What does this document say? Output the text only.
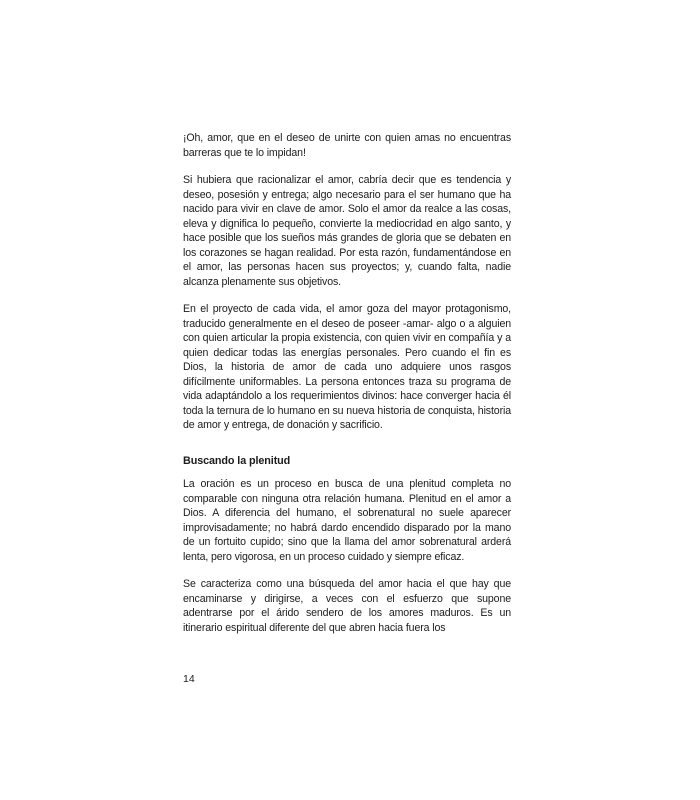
¡Oh, amor, que en el deseo de unirte con quien amas no encuentras barreras que te lo impidan!

Si hubiera que racionalizar el amor, cabría decir que es tendencia y deseo, posesión y entrega; algo necesario para el ser humano que ha nacido para vivir en clave de amor. Solo el amor da realce a las cosas, eleva y dignifica lo pequeño, convierte la mediocridad en algo santo, y hace posible que los sueños más grandes de gloria que se debaten en los corazones se hagan realidad. Por esta razón, fundamentándose en el amor, las personas hacen sus proyectos; y, cuando falta, nadie alcanza plenamente sus objetivos.

En el proyecto de cada vida, el amor goza del mayor protagonismo, traducido generalmente en el deseo de poseer -amar- algo o a alguien con quien articular la propia existencia, con quien vivir en compañía y a quien dedicar todas las energías personales. Pero cuando el fin es Dios, la historia de amor de cada uno adquiere unos rasgos difícilmente uniformables. La persona entonces traza su programa de vida adaptándolo a los requerimientos divinos: hace converger hacia él toda la ternura de lo humano en su nueva historia de conquista, historia de amor y entrega, de donación y sacrificio.

Buscando la plenitud

La oración es un proceso en busca de una plenitud completa no comparable con ninguna otra relación humana. Plenitud en el amor a Dios. A diferencia del humano, el sobrenatural no suele aparecer improvisadamente; no habrá dardo encendido disparado por la mano de un fortuito cupido; sino que la llama del amor sobrenatural arderá lenta, pero vigorosa, en un proceso cuidado y siempre eficaz.

Se caracteriza como una búsqueda del amor hacia el que hay que encaminarse y dirigirse, a veces con el esfuerzo que supone adentrarse por el árido sendero de los amores maduros. Es un itinerario espiritual diferente del que abren hacia fuera los

14
